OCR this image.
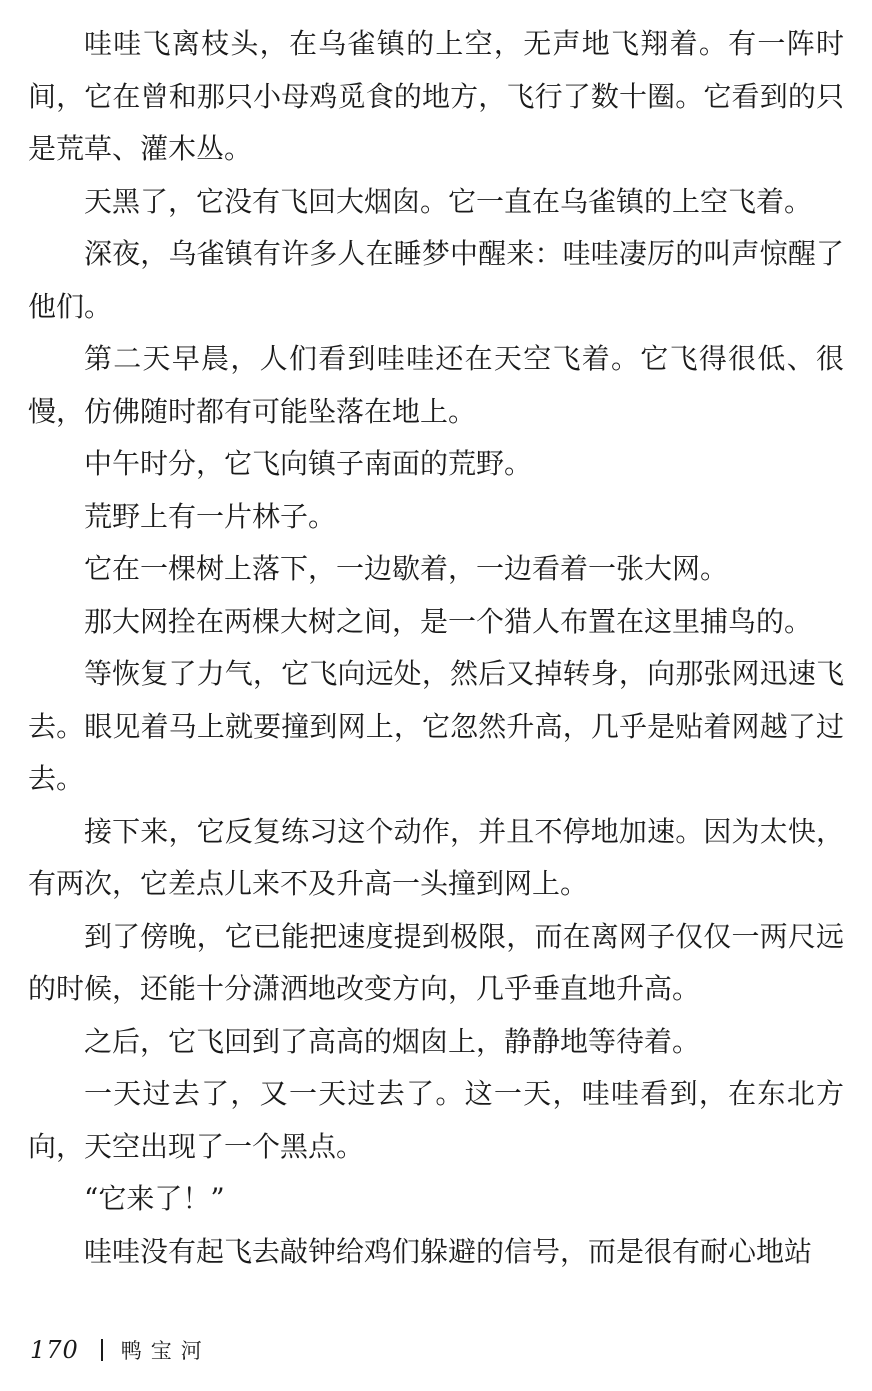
哇哇飞离枝头，在乌雀镇的上空，无声地飞翔着。有一阵时间，它在曾和那只小母鸡觅食的地方，飞行了数十圈。它看到的只是荒草、灌木丛。

天黑了，它没有飞回大烟囱。它一直在乌雀镇的上空飞着。

深夜，乌雀镇有许多人在睡梦中醒来：哇哇凄厉的叫声惊醒了他们。

第二天早晨，人们看到哇哇还在天空飞着。它飞得很低、很慢，仿佛随时都有可能坠落在地上。

中午时分，它飞向镇子南面的荒野。

荒野上有一片林子。

它在一棵树上落下，一边歇着，一边看着一张大网。

那大网拴在两棵大树之间，是一个猎人布置在这里捕鸟的。

等恢复了力气，它飞向远处，然后又掉转身，向那张网迅速飞去。眼见着马上就要撞到网上，它忽然升高，几乎是贴着网越了过去。

接下来，它反复练习这个动作，并且不停地加速。因为太快，有两次，它差点儿来不及升高一头撞到网上。

到了傍晚，它已能把速度提到极限，而在离网子仅仅一两尺远的时候，还能十分潇洒地改变方向，几乎垂直地升高。

之后，它飞回到了高高的烟囱上，静静地等待着。

一天过去了，又一天过去了。这一天，哇哇看到，在东北方向，天空出现了一个黑点。

“它来了！”

哇哇没有起飞去敲钟给鸡们躲避的信号，而是很有耐心地站

170 鸭宝河
